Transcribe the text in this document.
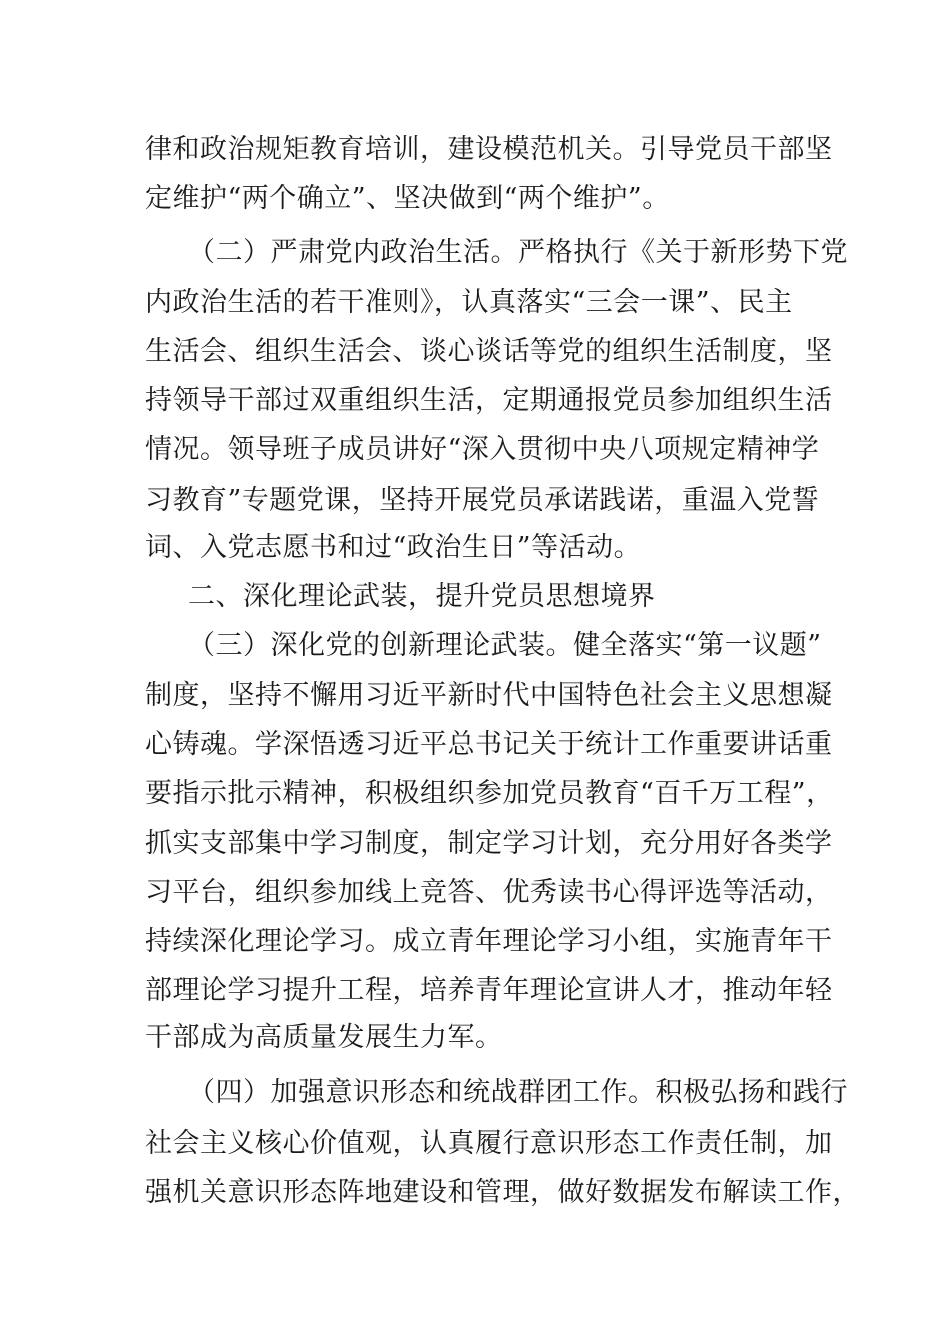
律和政治规矩教育培训，建设模范机关。引导党员干部坚
定维护“两个确立”、坚决做到“两个维护”。
（二）严肃党内政治生活。严格执行《关于新形势下党
内政治生活的若干准则》，认真落实“三会一课”、民主
生活会、组织生活会、谈心谈话等党的组织生活制度，坚
持领导干部过双重组织生活，定期通报党员参加组织生活
情况。领导班子成员讲好“深入贯彻中央八项规定精神学
习教育”专题党课，坚持开展党员承诺践诺，重温入党誓
词、入党志愿书和过“政治生日”等活动。
二、深化理论武装，提升党员思想境界
（三）深化党的创新理论武装。健全落实“第一议题”
制度，坚持不懈用习近平新时代中国特色社会主义思想凝
心铸魂。学深悟透习近平总书记关于统计工作重要讲话重
要指示批示精神，积极组织参加党员教育“百千万工程”，
抓实支部集中学习制度，制定学习计划，充分用好各类学
习平台，组织参加线上竞答、优秀读书心得评选等活动，
持续深化理论学习。成立青年理论学习小组，实施青年干
部理论学习提升工程，培养青年理论宣讲人才，推动年轻
干部成为高质量发展生力军。
（四）加强意识形态和统战群团工作。积极弘扬和践行
社会主义核心价值观，认真履行意识形态工作责任制，加
强机关意识形态阵地建设和管理，做好数据发布解读工作，
